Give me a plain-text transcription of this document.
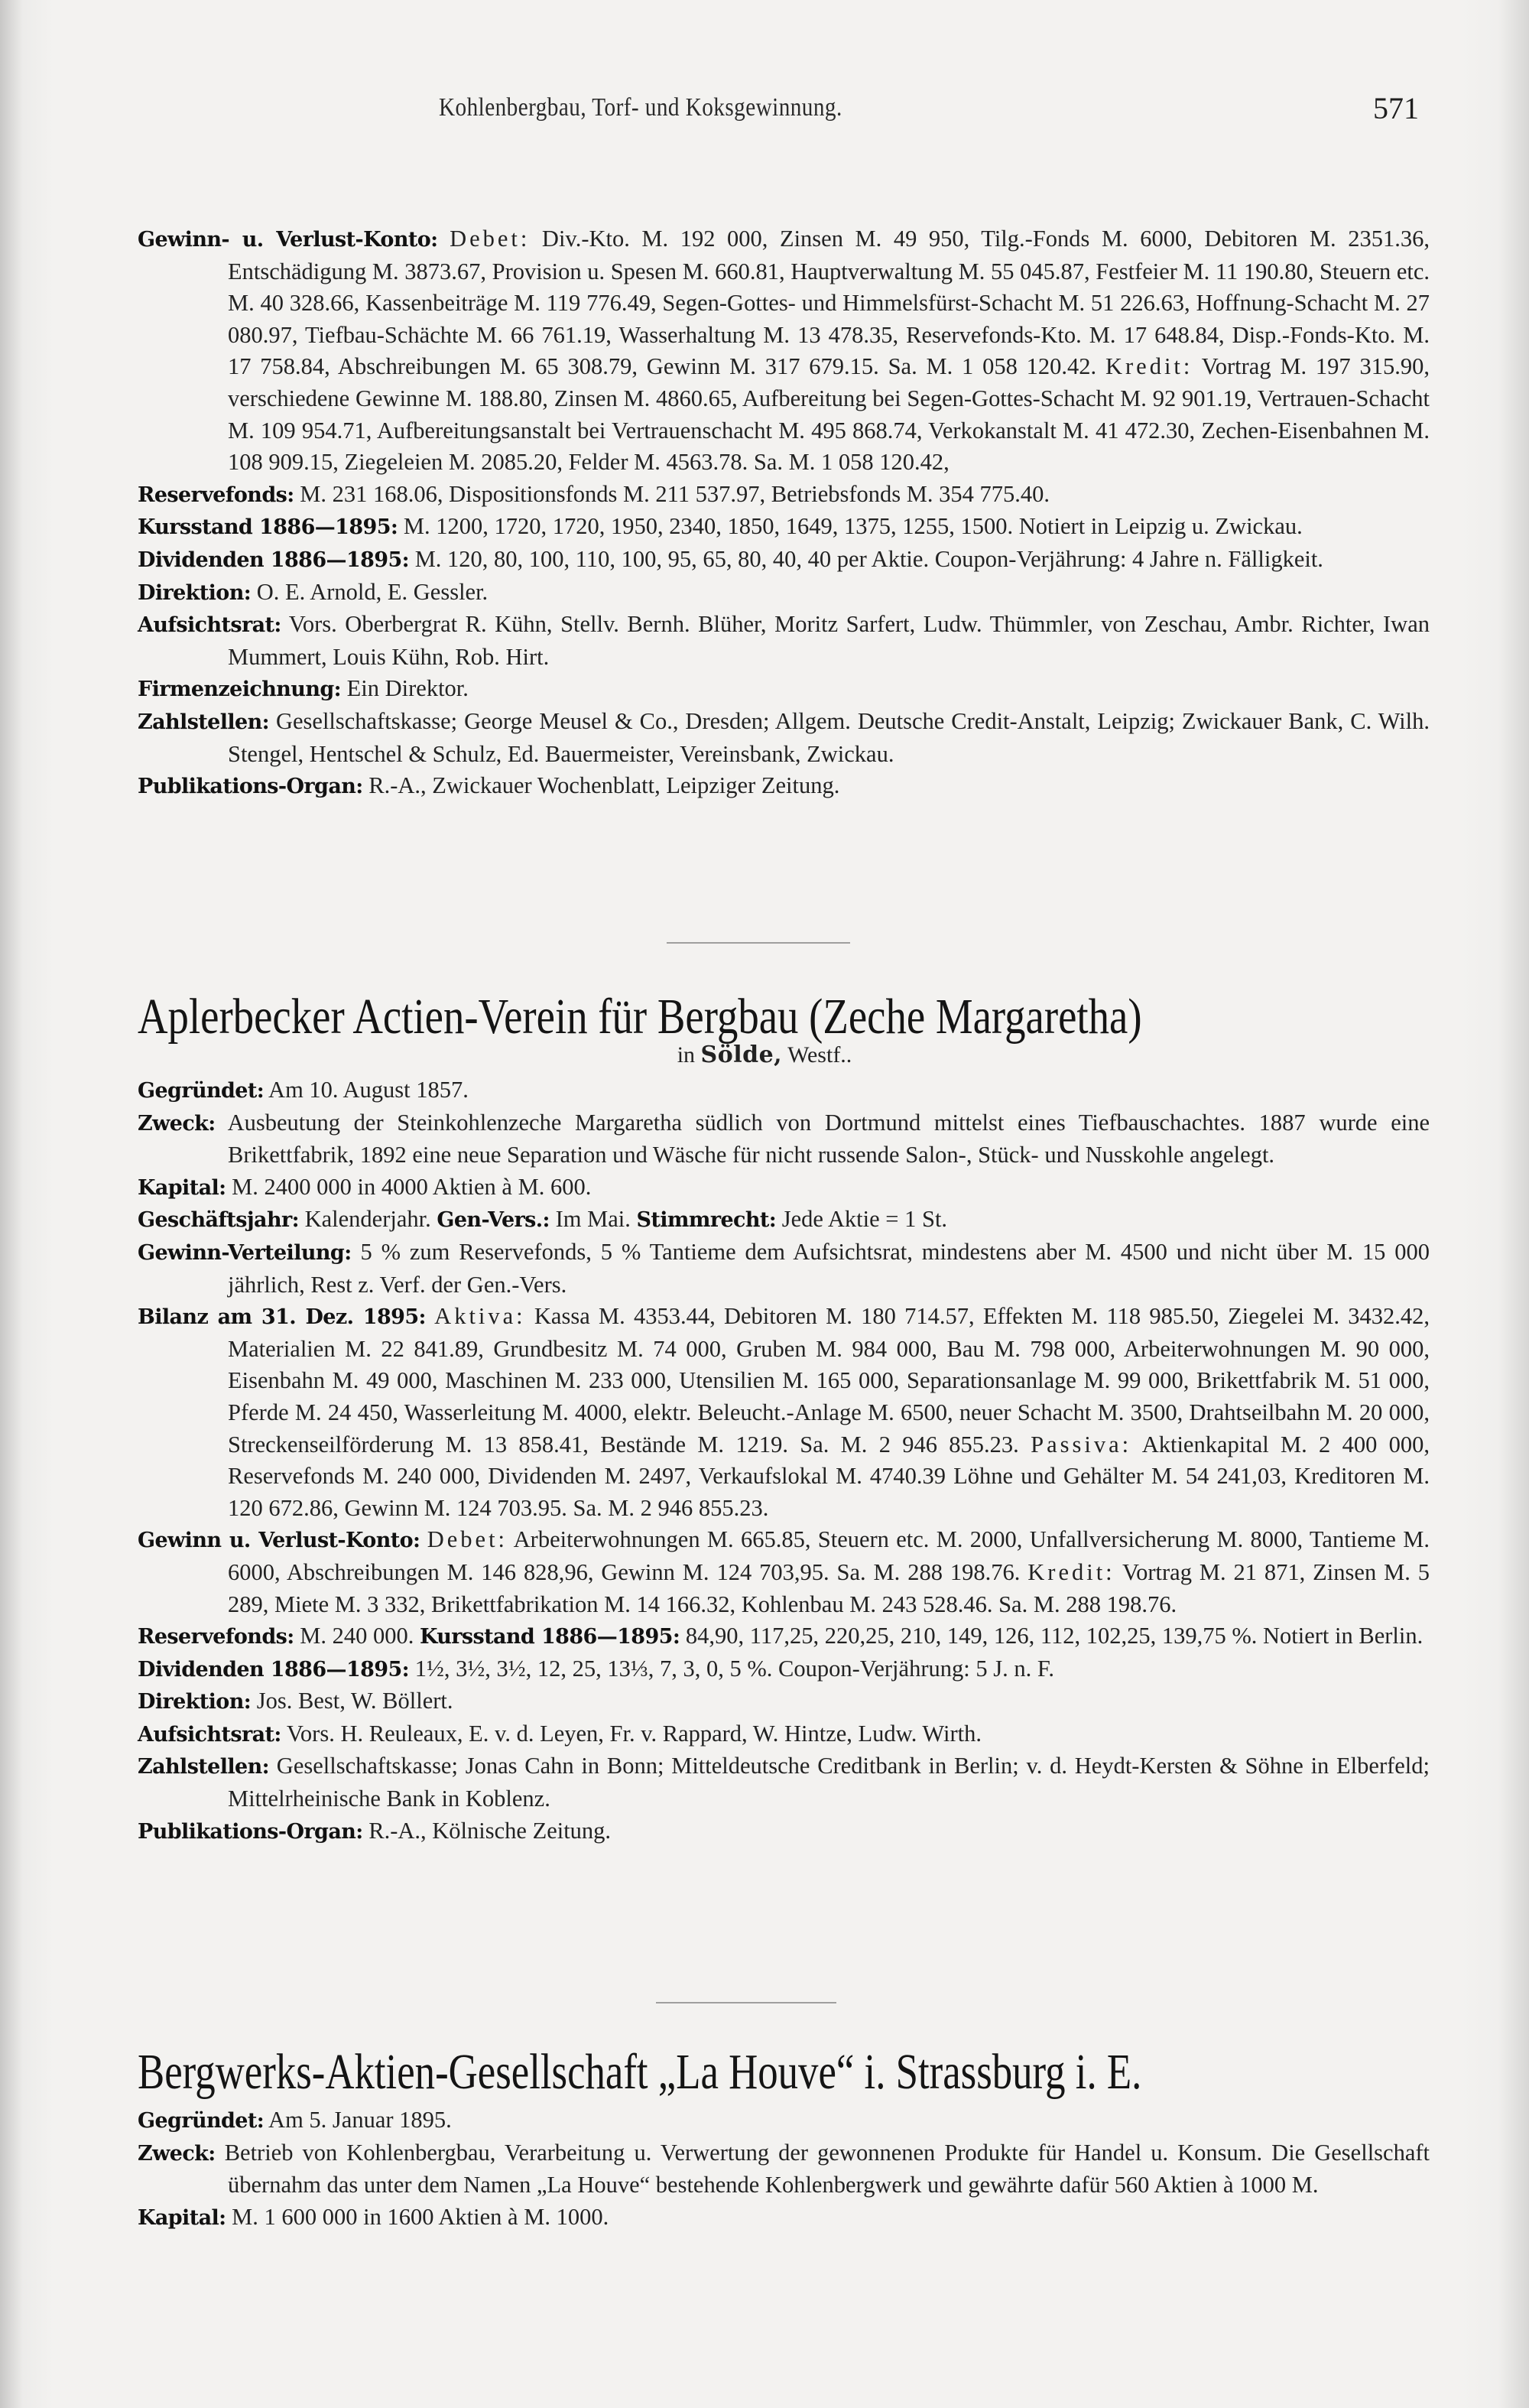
Kohlenbergbau, Torf- und Koksgewinnung.	571
Gewinn- u. Verlust-Konto: Debet: Div.-Kto. M. 192 000, Zinsen M. 49 950, Tilg.-Fonds M. 6000, Debitoren M. 2351.36, Entschädigung M. 3873.67, Provision u. Spesen M. 660.81, Hauptverwaltung M. 55 045.87, Festfeier M. 11 190.80, Steuern etc. M. 40 328.66, Kassenbeiträge M. 119 776.49, Segen-Gottes- und Himmelsfürst-Schacht M. 51 226.63, Hoffnung-Schacht M. 27 080.97, Tiefbau-Schächte M. 66 761.19, Wasserhaltung M. 13 478.35, Reservefonds-Kto. M. 17 648.84, Disp.-Fonds-Kto. M. 17 758.84, Abschreibungen M. 65 308.79, Gewinn M. 317 679.15. Sa. M. 1 058 120.42. Kredit: Vortrag M. 197 315.90, verschiedene Gewinne M. 188.80, Zinsen M. 4860.65, Aufbereitung bei Segen-Gottes-Schacht M. 92 901.19, Vertrauen-Schacht M. 109 954.71, Aufbereitungsanstalt bei Vertrauenschacht M. 495 868.74, Verkokanstalt M. 41 472.30, Zechen-Eisenbahnen M. 108 909.15, Ziegeleien M. 2085.20, Felder M. 4563.78. Sa. M. 1 058 120.42,
Reservefonds: M. 231 168.06, Dispositionsfonds M. 211 537.97, Betriebsfonds M. 354 775.40.
Kursstand 1886—1895: M. 1200, 1720, 1720, 1950, 2340, 1850, 1649, 1375, 1255, 1500. Notiert in Leipzig u. Zwickau.
Dividenden 1886—1895: M. 120, 80, 100, 110, 100, 95, 65, 80, 40, 40 per Aktie. Coupon-Verjährung: 4 Jahre n. Fälligkeit.
Direktion: O. E. Arnold, E. Gessler.
Aufsichtsrat: Vors. Oberbergrat R. Kühn, Stellv. Bernh. Blüher, Moritz Sarfert, Ludw. Thümmler, von Zeschau, Ambr. Richter, Iwan Mummert, Louis Kühn, Rob. Hirt.
Firmenzeichnung: Ein Direktor.
Zahlstellen: Gesellschaftskasse; George Meusel & Co., Dresden; Allgem. Deutsche Credit-Anstalt, Leipzig; Zwickauer Bank, C. Wilh. Stengel, Hentschel & Schulz, Ed. Bauermeister, Vereinsbank, Zwickau.
Publikations-Organ: R.-A., Zwickauer Wochenblatt, Leipziger Zeitung.
Aplerbecker Actien-Verein für Bergbau (Zeche Margaretha)
in Sölde, Westf..
Gegründet: Am 10. August 1857.
Zweck: Ausbeutung der Steinkohlenzeche Margaretha südlich von Dortmund mittelst eines Tiefbauschachtes. 1887 wurde eine Brikettfabrik, 1892 eine neue Separation und Wäsche für nicht russende Salon-, Stück- und Nusskohle angelegt.
Kapital: M. 2400 000 in 4000 Aktien à M. 600.
Geschäftsjahr: Kalenderjahr. Gen-Vers.: Im Mai. Stimmrecht: Jede Aktie = 1 St.
Gewinn-Verteilung: 5 % zum Reservefonds, 5 % Tantieme dem Aufsichtsrat, mindestens aber M. 4500 und nicht über M. 15 000 jährlich, Rest z. Verf. der Gen.-Vers.
Bilanz am 31. Dez. 1895: Aktiva: Kassa M. 4353.44, Debitoren M. 180 714.57, Effekten M. 118 985.50, Ziegelei M. 3432.42, Materialien M. 22 841.89, Grundbesitz M. 74 000, Gruben M. 984 000, Bau M. 798 000, Arbeiterwohnungen M. 90 000, Eisenbahn M. 49 000, Maschinen M. 233 000, Utensilien M. 165 000, Separationsanlage M. 99 000, Brikettfabrik M. 51 000, Pferde M. 24 450, Wasserleitung M. 4000, elektr. Beleucht.-Anlage M. 6500, neuer Schacht M. 3500, Drahtseilbahn M. 20 000, Streckenseilförderung M. 13 858.41, Bestände M. 1219. Sa. M. 2 946 855.23. Passiva: Aktienkapital M. 2 400 000, Reservefonds M. 240 000, Dividenden M. 2497, Verkaufslokal M. 4740.39 Löhne und Gehälter M. 54 241,03, Kreditoren M. 120 672.86, Gewinn M. 124 703.95. Sa. M. 2 946 855.23.
Gewinn u. Verlust-Konto: Debet: Arbeiterwohnungen M. 665.85, Steuern etc. M. 2000, Unfallversicherung M. 8000, Tantieme M. 6000, Abschreibungen M. 146 828,96, Gewinn M. 124 703,95. Sa. M. 288 198.76. Kredit: Vortrag M. 21 871, Zinsen M. 5 289, Miete M. 3 332, Brikettfabrikation M. 14 166.32, Kohlenbau M. 243 528.46. Sa. M. 288 198.76.
Reservefonds: M. 240 000. Kursstand 1886—1895: 84,90, 117,25, 220,25, 210, 149, 126, 112, 102,25, 139,75 %. Notiert in Berlin.
Dividenden 1886—1895: 1½, 3½, 3½, 12, 25, 13⅓, 7, 3, 0, 5 %. Coupon-Verjährung: 5 J. n. F.
Direktion: Jos. Best, W. Böllert.
Aufsichtsrat: Vors. H. Reuleaux, E. v. d. Leyen, Fr. v. Rappard, W. Hintze, Ludw. Wirth.
Zahlstellen: Gesellschaftskasse; Jonas Cahn in Bonn; Mitteldeutsche Creditbank in Berlin; v. d. Heydt-Kersten & Söhne in Elberfeld; Mittelrheinische Bank in Koblenz.
Publikations-Organ: R.-A., Kölnische Zeitung.
Bergwerks-Aktien-Gesellschaft „La Houve“ i. Strassburg i. E.
Gegründet: Am 5. Januar 1895.
Zweck: Betrieb von Kohlenbergbau, Verarbeitung u. Verwertung der gewonnenen Produkte für Handel u. Konsum. Die Gesellschaft übernahm das unter dem Namen „La Houve“ bestehende Kohlenbergwerk und gewährte dafür 560 Aktien à 1000 M.
Kapital: M. 1 600 000 in 1600 Aktien à M. 1000.
